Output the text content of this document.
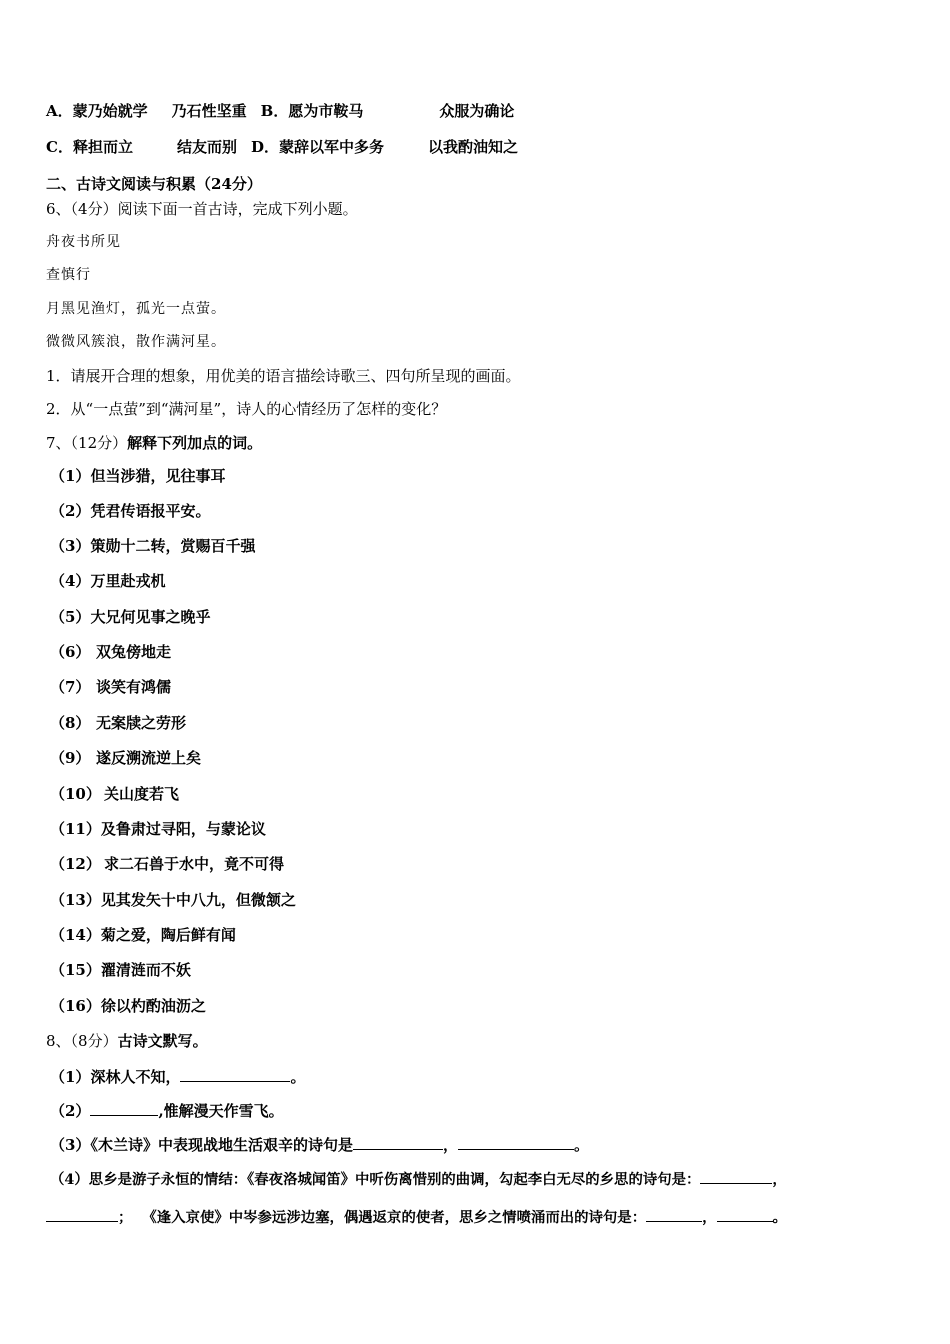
A．蒙乃始就学 乃石性坚重 B．愿为市鞍马	众服为确论
C．释担而立	结友而别 D．蒙辞以军中多务	以我酌油知之
二、古诗文阅读与积累（24分）
6、（4分）阅读下面一首古诗，完成下列小题。
舟夜书所见
查慎行
月黑见渔灯，孤光一点萤。
微微风簇浪，散作满河星。
1．请展开合理的想象，用优美的语言描绘诗歌三、四句所呈现的画面。
2．从“一点萤”到“满河星”，诗人的心情经历了怎样的变化？
7、（12分）解释下列加点的词。
（1）但当涉猎，见往事耳
（2）凭君传语报平安。
（3）策勋十二转，赏赐百千强
（4）万里赴戎机
（5）大兄何见事之晚乎
（6） 双兔傍地走
（7） 谈笑有鸿儒
（8） 无案牍之劳形
（9） 遂反溯流逆上矣
（10） 关山度若飞
（11）及鲁肃过寻阳，与蒙论议
（12） 求二石兽于水中，竟不可得
（13）见其发矢十中八九，但微颔之
（14）菊之爱，陶后鲜有闻
（15）濯清涟而不妖
（16）徐以杓酌油沥之
8、（8分）古诗文默写。
（1）深林人不知，	。
（2）	,惟解漫天作雪飞。
（3）《木兰诗》中表现战地生活艰辛的诗句是	，	。
（4）思乡是游子永恒的情结：《春夜洛城闻笛》中听伤离惜别的曲调，勾起李白无尽的乡思的诗句是：	，
； 《逢入京使》中岑参远涉边塞，偶遇返京的使者，思乡之情喷涌而出的诗句是：	，	。
